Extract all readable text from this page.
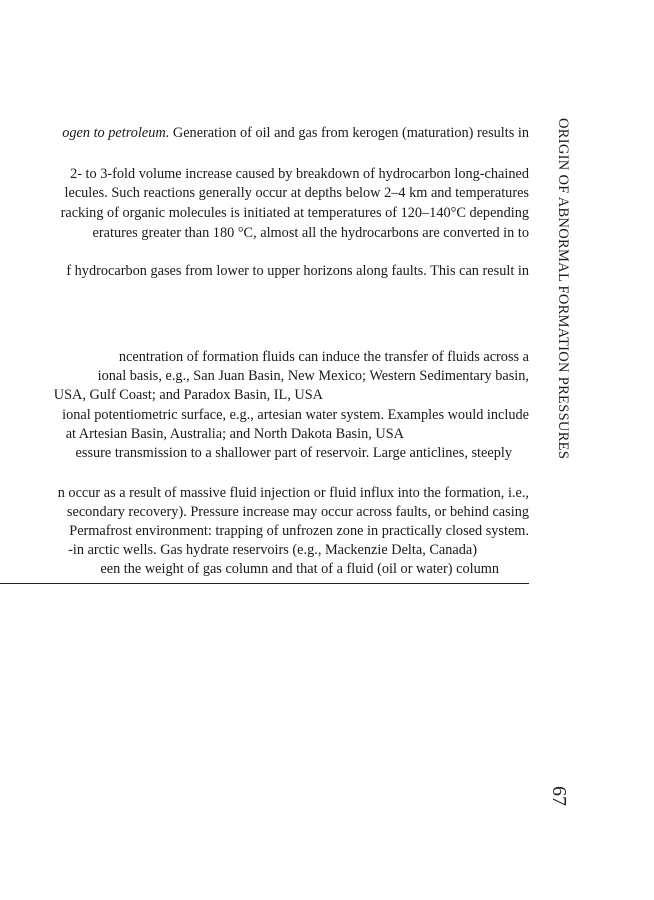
ogen to petroleum. Generation of oil and gas from kerogen (maturation) results in
2- to 3-fold volume increase caused by breakdown of hydrocarbon long-chained
lecules. Such reactions generally occur at depths below 2–4 km and temperatures
racking of organic molecules is initiated at temperatures of 120–140°C depending
eratures greater than 180 °C, almost all the hydrocarbons are converted in to
f hydrocarbon gases from lower to upper horizons along faults. This can result in
ncentration of formation fluids can induce the transfer of fluids across a
ional basis, e.g., San Juan Basin, New Mexico; Western Sedimentary basin,
USA, Gulf Coast; and Paradox Basin, IL, USA
ional potentiometric surface, e.g., artesian water system. Examples would include
at Artesian Basin, Australia; and North Dakota Basin, USA
essure transmission to a shallower part of reservoir. Large anticlines, steeply
n occur as a result of massive fluid injection or fluid influx into the formation, i.e.,
secondary recovery). Pressure increase may occur across faults, or behind casing
Permafrost environment: trapping of unfrozen zone in practically closed system.
-in arctic wells. Gas hydrate reservoirs (e.g., Mackenzie Delta, Canada)
een the weight of gas column and that of a fluid (oil or water) column
ORIGIN OF ABNORMAL FORMATION PRESSURES
67
